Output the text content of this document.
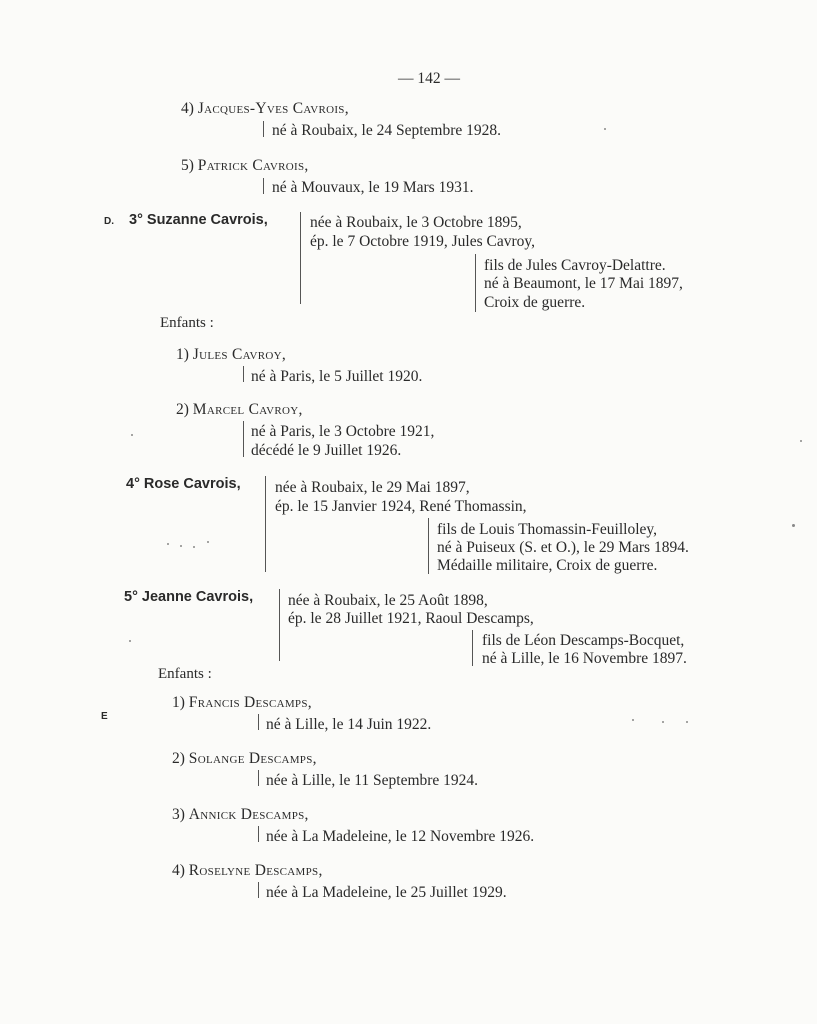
— 142 —
4) Jacques-Yves Cavrois,
né à Roubaix, le 24 Septembre 1928.
5) Patrick Cavrois,
né à Mouvaux, le 19 Mars 1931.
D. 3° Suzanne Cavrois,	née à Roubaix, le 3 Octobre 1895,
ép. le 7 Octobre 1919, Jules Cavroy,
fils de Jules Cavroy-Delattre.
né à Beaumont, le 17 Mai 1897,
Croix de guerre.
Enfants :
1) Jules Cavroy,
né à Paris, le 5 Juillet 1920.
2) Marcel Cavroy,
né à Paris, le 3 Octobre 1921,
décédé le 9 Juillet 1926.
4° Rose Cavrois, née à Roubaix, le 29 Mai 1897,
ép. le 15 Janvier 1924, René Thomassin,
fils de Louis Thomassin-Feuilloley,
né à Puiseux (S. et O.), le 29 Mars 1894.
Médaille militaire, Croix de guerre.
5° Jeanne Cavrois, née à Roubaix, le 25 Août 1898,
ép. le 28 Juillet 1921, Raoul Descamps,
fils de Léon Descamps-Bocquet,
né à Lille, le 16 Novembre 1897.
Enfants :
E
1) Francis Descamps,
né à Lille, le 14 Juin 1922.
2) Solange Descamps,
née à Lille, le 11 Septembre 1924.
3) Annick Descamps,
née à La Madeleine, le 12 Novembre 1926.
4) Roselyne Descamps,
née à La Madeleine, le 25 Juillet 1929.
